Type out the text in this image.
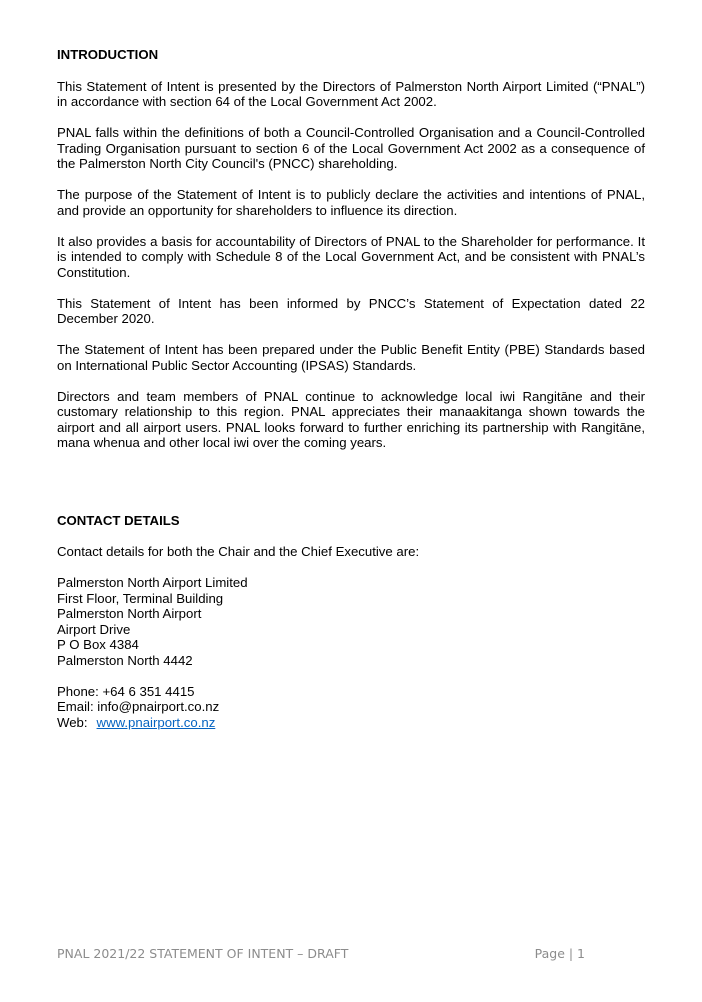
INTRODUCTION

This Statement of Intent is presented by the Directors of Palmerston North Airport Limited (“PNAL”) in accordance with section 64 of the Local Government Act 2002.

PNAL falls within the definitions of both a Council-Controlled Organisation and a Council-Controlled Trading Organisation pursuant to section 6 of the Local Government Act 2002 as a consequence of the Palmerston North City Council's (PNCC) shareholding.

The purpose of the Statement of Intent is to publicly declare the activities and intentions of PNAL, and provide an opportunity for shareholders to influence its direction.

It also provides a basis for accountability of Directors of PNAL to the Shareholder for performance. It is intended to comply with Schedule 8 of the Local Government Act, and be consistent with PNAL’s Constitution.

This Statement of Intent has been informed by PNCC’s Statement of Expectation dated 22 December 2020.

The Statement of Intent has been prepared under the Public Benefit Entity (PBE) Standards based on International Public Sector Accounting (IPSAS) Standards.

Directors and team members of PNAL continue to acknowledge local iwi Rangitāne and their customary relationship to this region. PNAL appreciates their manaakitanga shown towards the airport and all airport users. PNAL looks forward to further enriching its partnership with Rangitāne, mana whenua and other local iwi over the coming years.

CONTACT DETAILS

Contact details for both the Chair and the Chief Executive are:

Palmerston North Airport Limited
First Floor, Terminal Building
Palmerston North Airport
Airport Drive
P O Box 4384
Palmerston North 4442
Phone: +64 6 351 4415
Email: info@pnairport.co.nz
Web: www.pnairport.co.nz
PNAL 2021/22 STATEMENT OF INTENT – DRAFT	Page | 1
